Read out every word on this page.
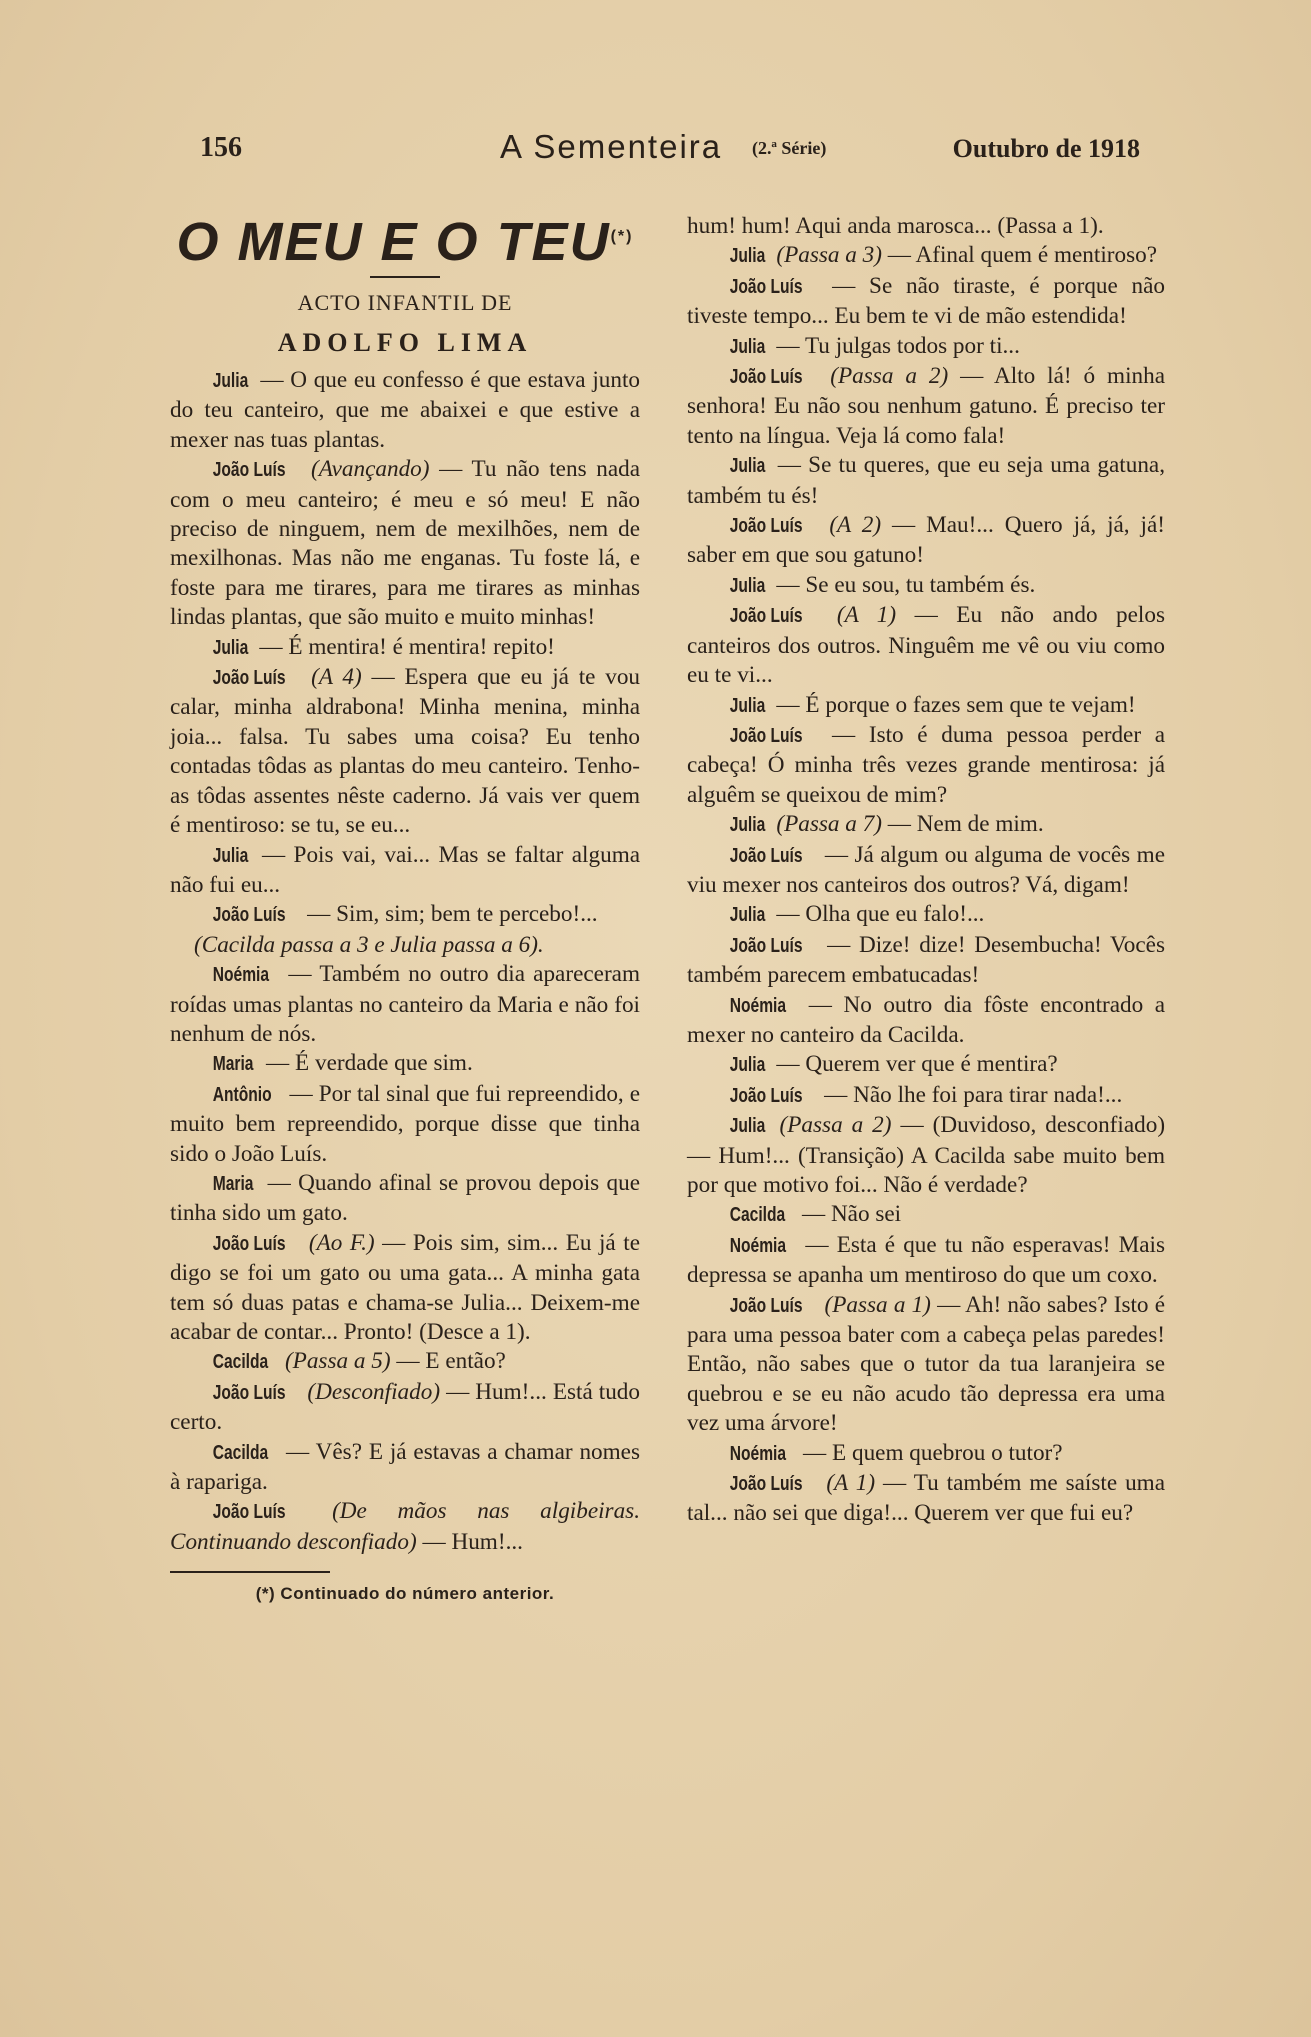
156	A Sementeira (2.ª Série)	Outubro de 1918
O MEU E O TEU(*)
ACTO INFANTIL DE
ADOLFO LIMA

Julia — O que eu confesso é que estava junto do teu canteiro, que me abaixei e que estive a mexer nas tuas plantas.

João Luís (Avançando) — Tu não tens nada com o meu canteiro; é meu e só meu! E não preciso de ninguem, nem de mexilhões, nem de mexilhonas. Mas não me enganas. Tu foste lá, e foste para me tirares, para me tirares as minhas lindas plantas, que são muito e muito minhas!

Julia — É mentira! é mentira! repito!

João Luís (A 4) — Espera que eu já te vou calar, minha aldrabona! Minha menina, minha joia... falsa. Tu sabes uma coisa? Eu tenho contadas tôdas as plantas do meu canteiro. Tenho-as tôdas assentes nêste caderno. Já vais ver quem é mentiroso: se tu, se eu...

Julia — Pois vai, vai... Mas se faltar alguma não fui eu...

João Luís — Sim, sim; bem te percebo!...

(Cacilda passa a 3 e Julia passa a 6).

Noémia — Também no outro dia apareceram roídas umas plantas no canteiro da Maria e não foi nenhum de nós.

Maria — É verdade que sim.

Antônio — Por tal sinal que fui repreendido, e muito bem repreendido, porque disse que tinha sido o João Luís.

Maria — Quando afinal se provou depois que tinha sido um gato.

João Luís (Ao F.) — Pois sim, sim... Eu já te digo se foi um gato ou uma gata... A minha gata tem só duas patas e chama-se Julia... Deixem-me acabar de contar... Pronto! (Desce a 1).

Cacilda (Passa a 5) — E então?

João Luís (Desconfiado) — Hum!... Está tudo certo.

Cacilda — Vês? E já estavas a chamar nomes à rapariga.

João Luís (De mãos nas algibeiras. Continuando desconfiado) — Hum!...

(*) Continuado do número anterior.

hum! hum! Aqui anda marosca... (Passa a 1).

Julia (Passa a 3) — Afinal quem é mentiroso?

João Luís — Se não tiraste, é porque não tiveste tempo... Eu bem te vi de mão estendida!

Julia — Tu julgas todos por ti...

João Luís (Passa a 2) — Alto lá! ó minha senhora! Eu não sou nenhum gatuno. É preciso ter tento na língua. Veja lá como fala!

Julia — Se tu queres, que eu seja uma gatuna, também tu és!

João Luís (A 2) — Mau!... Quero já, já, já! saber em que sou gatuno!

Julia — Se eu sou, tu também és.

João Luís (A 1) — Eu não ando pelos canteiros dos outros. Ninguêm me vê ou viu como eu te vi...

Julia — É porque o fazes sem que te vejam!

João Luís — Isto é duma pessoa perder a cabeça! Ó minha três vezes grande mentirosa: já alguêm se queixou de mim?

Julia (Passa a 7) — Nem de mim.

João Luís — Já algum ou alguma de vocês me viu mexer nos canteiros dos outros? Vá, digam!

Julia — Olha que eu falo!...

João Luís — Dize! dize! Desembucha! Vocês também parecem embatucadas!

Noémia — No outro dia fôste encontrado a mexer no canteiro da Cacilda.

Julia — Querem ver que é mentira?

João Luís — Não lhe foi para tirar nada!...

Julia (Passa a 2) — (Duvidoso, desconfiado) — Hum!... (Transição) A Cacilda sabe muito bem por que motivo foi... Não é verdade?

Cacilda — Não sei

Noémia — Esta é que tu não esperavas! Mais depressa se apanha um mentiroso do que um coxo.

João Luís (Passa a 1) — Ah! não sabes? Isto é para uma pessoa bater com a cabeça pelas paredes! Então, não sabes que o tutor da tua laranjeira se quebrou e se eu não acudo tão depressa era uma vez uma árvore!

Noémia — E quem quebrou o tutor?

João Luís (A 1) — Tu também me saíste uma tal... não sei que diga!... Querem ver que fui eu?
